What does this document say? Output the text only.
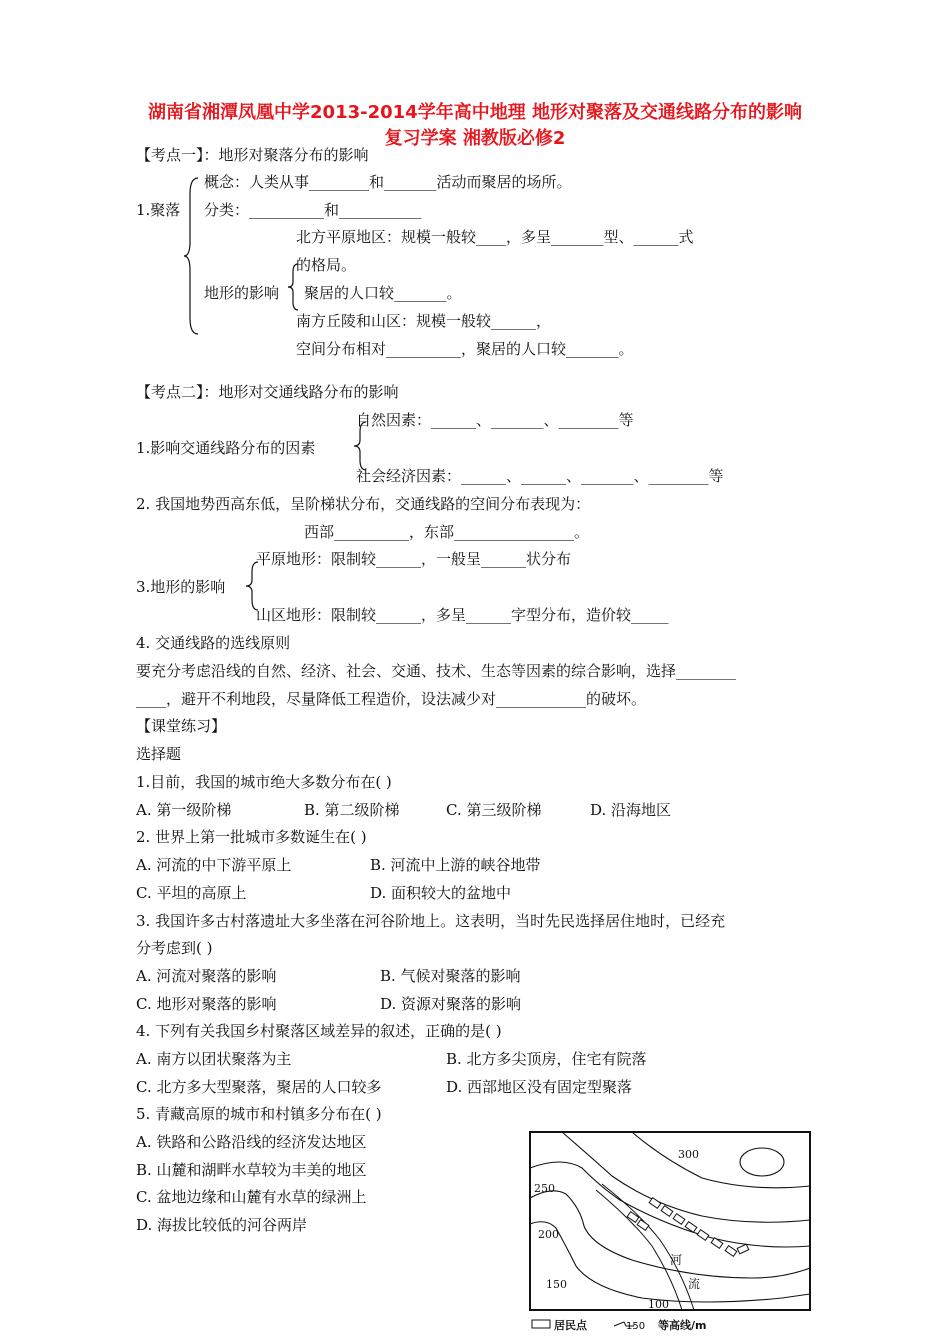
湖南省湘潭凤凰中学2013-2014学年高中地理 地形对聚落及交通线路分布的影响
复习学案 湘教版必修2
【考点一】：地形对聚落分布的影响
概念：人类从事________和_______活动而聚居的场所。
1.聚落 分类：__________和___________
北方平原地区：规模一般较____，多呈_______型、______式
的格局。
地形的影响 聚居的人口较_______。
南方丘陵和山区：规模一般较______，
空间分布相对__________，聚居的人口较_______。
【考点二】：地形对交通线路分布的影响
自然因素：______、_______、________等
1.影响交通线路分布的因素
社会经济因素：______、______、_______、________等
2. 我国地势西高东低，呈阶梯状分布，交通线路的空间分布表现为：
西部__________，东部________________。
平原地形：限制较______，一般呈______状分布
3.地形的影响
山区地形：限制较______，多呈______字型分布，造价较_____
4. 交通线路的选线原则
要充分考虑沿线的自然、经济、社会、交通、技术、生态等因素的综合影响，选择________
____，避开不利地段，尽量降低工程造价，设法减少对____________的破坏。
【课堂练习】
选择题
1.目前，我国的城市绝大多数分布在( )
A. 第一级阶梯	B. 第二级阶梯	C. 第三级阶梯	D. 沿海地区
2. 世界上第一批城市多数诞生在( )
A. 河流的中下游平原上	B. 河流中上游的峡谷地带
C. 平坦的高原上	D. 面积较大的盆地中
3. 我国许多古村落遗址大多坐落在河谷阶地上。这表明，当时先民选择居住地时，已经充
分考虑到( )
A. 河流对聚落的影响	B. 气候对聚落的影响
C. 地形对聚落的影响	D. 资源对聚落的影响
4. 下列有关我国乡村聚落区域差异的叙述，正确的是( )
A. 南方以团状聚落为主	B. 北方多尖顶房，住宅有院落
C. 北方多大型聚落，聚居的人口较多	D. 西部地区没有固定型聚落
5. 青藏高原的城市和村镇多分布在( )
A. 铁路和公路沿线的经济发达地区
B. 山麓和湖畔水草较为丰美的地区
C. 盆地边缘和山麓有水草的绿洲上
D. 海拔比较低的河谷两岸
300
250
200
150
100
河
流
居民点	150 等高线/m
